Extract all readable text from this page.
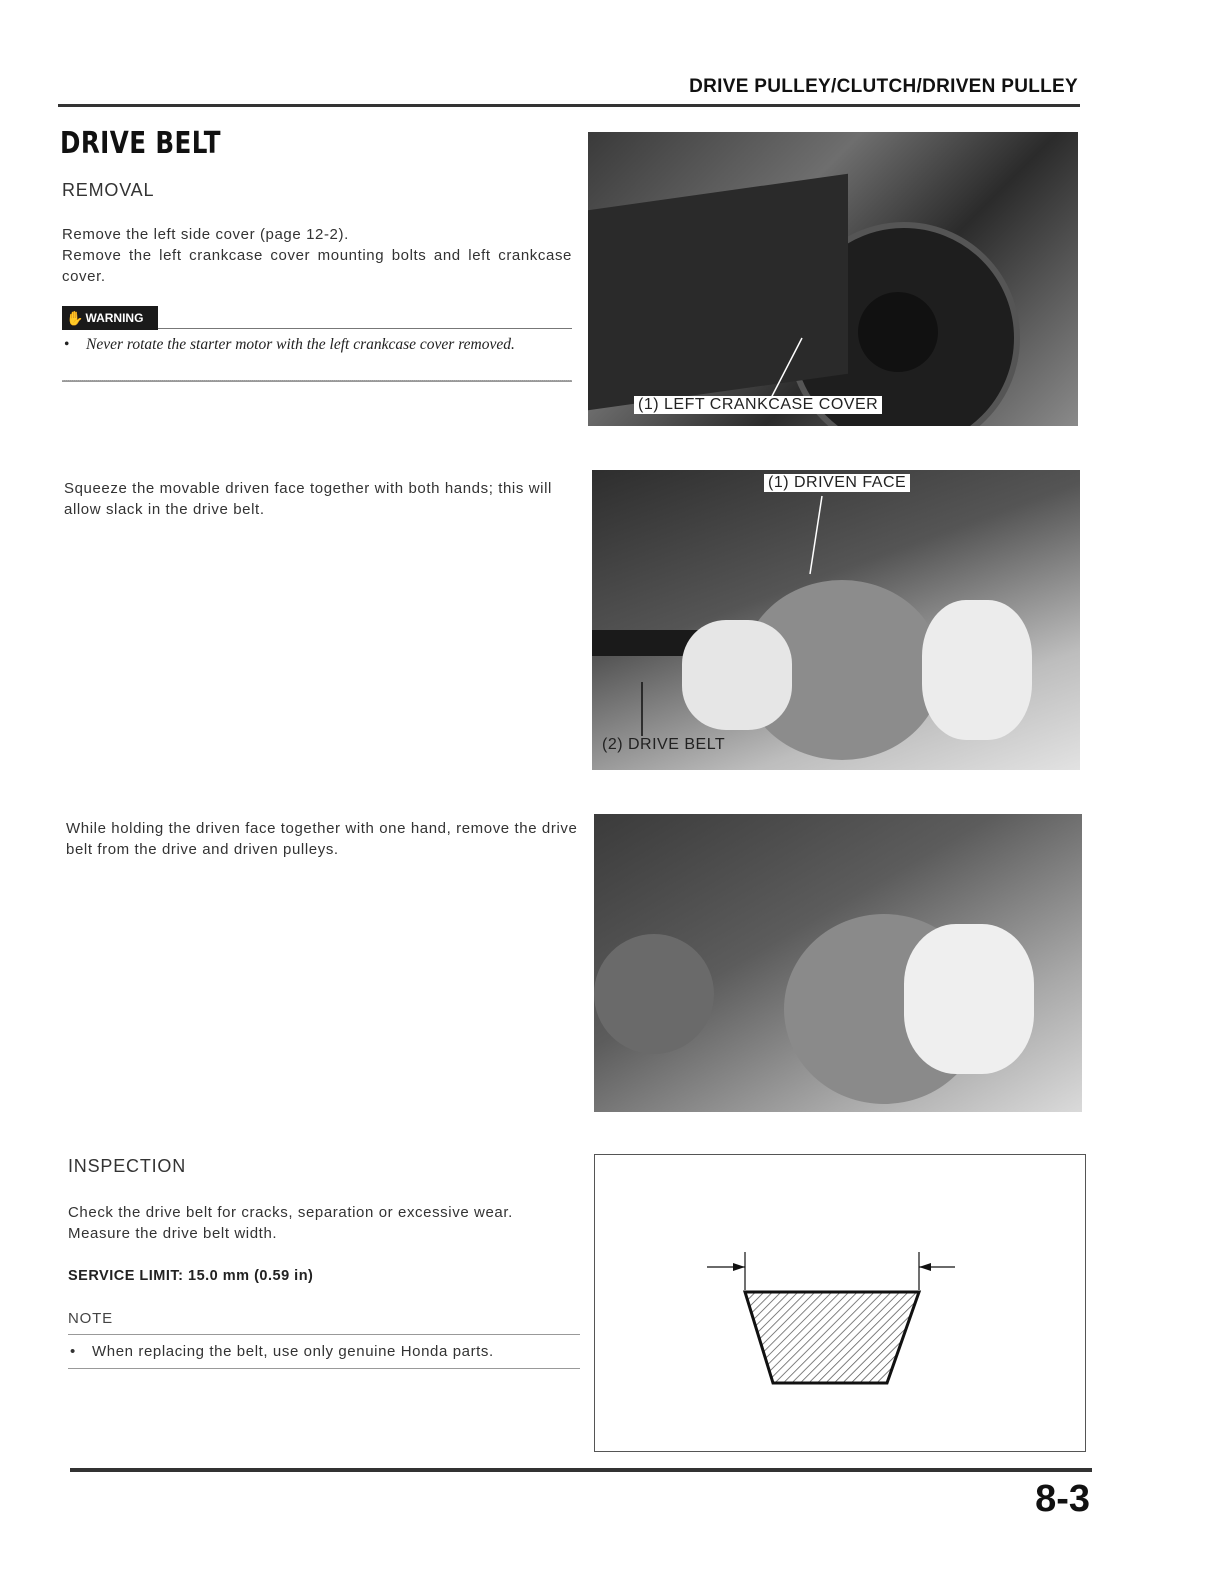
DRIVE PULLEY/CLUTCH/DRIVEN PULLEY
DRIVE BELT
REMOVAL
Remove the left side cover (page 12-2).
Remove the left crankcase cover mounting bolts and left crankcase cover.
✋ WARNING
• Never rotate the starter motor with the left crankcase cover removed.
Squeeze the movable driven face together with both hands; this will allow slack in the drive belt.
While holding the driven face together with one hand, remove the drive belt from the drive and driven pulleys.
(1) LEFT CRANKCASE COVER
(1) DRIVEN FACE
(2) DRIVE BELT
INSPECTION
Check the drive belt for cracks, separation or excessive wear.
Measure the drive belt width.
SERVICE LIMIT: 15.0 mm (0.59 in)
NOTE
• When replacing the belt, use only genuine Honda parts.
8-3
